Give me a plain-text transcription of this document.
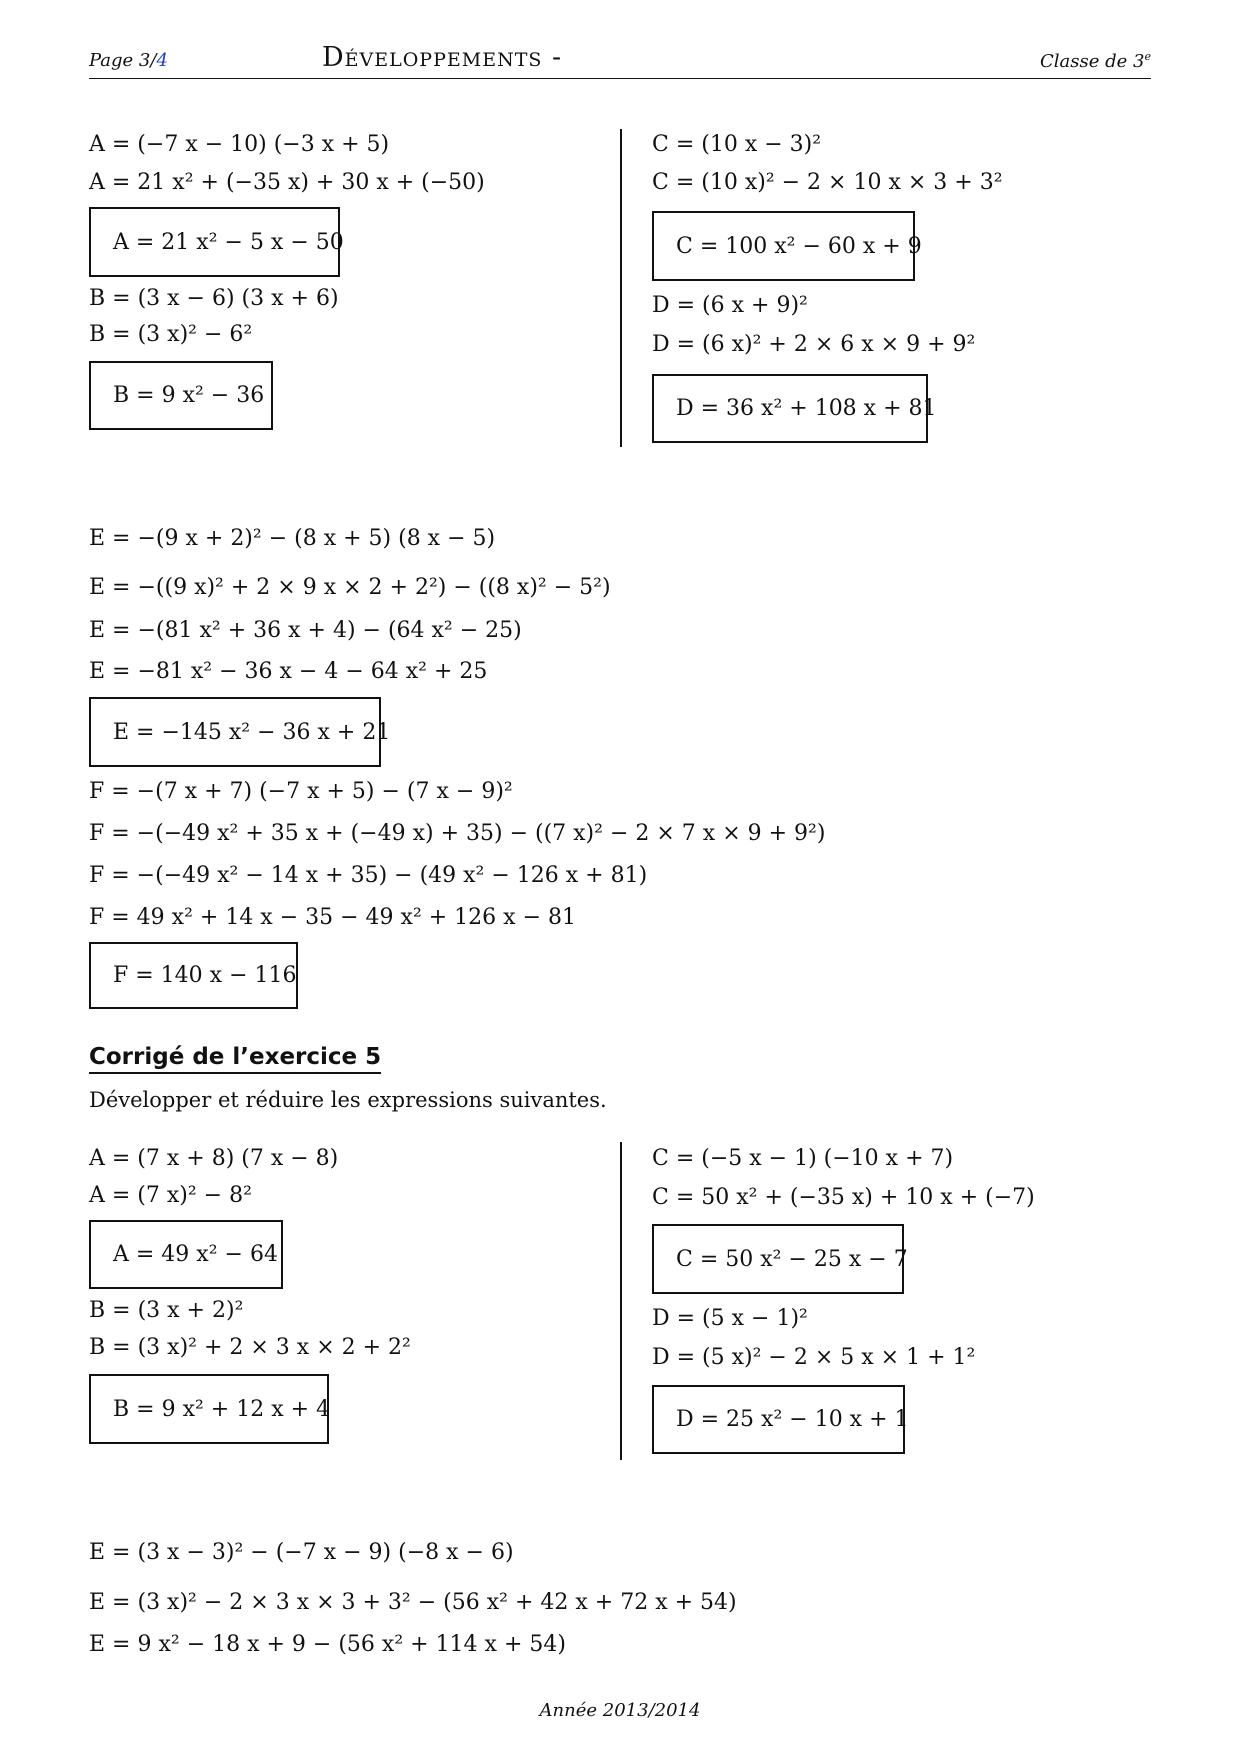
Page 3/4	Développements -	Classe de 3e
A = (−7 x − 10) (−3 x + 5)
A = 21 x² + (−35 x) + 30 x + (−50)
A = 21 x² − 5 x − 50
B = (3 x − 6) (3 x + 6)
B = (3 x)² − 6²
B = 9 x² − 36
C = (10 x − 3)²
C = (10 x)² − 2 × 10 x × 3 + 3²
C = 100 x² − 60 x + 9
D = (6 x + 9)²
D = (6 x)² + 2 × 6 x × 9 + 9²
D = 36 x² + 108 x + 81
E = −(9 x + 2)² − (8 x + 5) (8 x − 5)
E = −((9 x)² + 2 × 9 x × 2 + 2²) − ((8 x)² − 5²)
E = −(81 x² + 36 x + 4) − (64 x² − 25)
E = −81 x² − 36 x − 4 − 64 x² + 25
E = −145 x² − 36 x + 21
F = −(7 x + 7) (−7 x + 5) − (7 x − 9)²
F = −(−49 x² + 35 x + (−49 x) + 35) − ((7 x)² − 2 × 7 x × 9 + 9²)
F = −(−49 x² − 14 x + 35) − (49 x² − 126 x + 81)
F = 49 x² + 14 x − 35 − 49 x² + 126 x − 81
F = 140 x − 116
Corrigé de l’exercice 5
Développer et réduire les expressions suivantes.
A = (7 x + 8) (7 x − 8)
A = (7 x)² − 8²
A = 49 x² − 64
B = (3 x + 2)²
B = (3 x)² + 2 × 3 x × 2 + 2²
B = 9 x² + 12 x + 4
C = (−5 x − 1) (−10 x + 7)
C = 50 x² + (−35 x) + 10 x + (−7)
C = 50 x² − 25 x − 7
D = (5 x − 1)²
D = (5 x)² − 2 × 5 x × 1 + 1²
D = 25 x² − 10 x + 1
E = (3 x − 3)² − (−7 x − 9) (−8 x − 6)
E = (3 x)² − 2 × 3 x × 3 + 3² − (56 x² + 42 x + 72 x + 54)
E = 9 x² − 18 x + 9 − (56 x² + 114 x + 54)
Année 2013/2014
